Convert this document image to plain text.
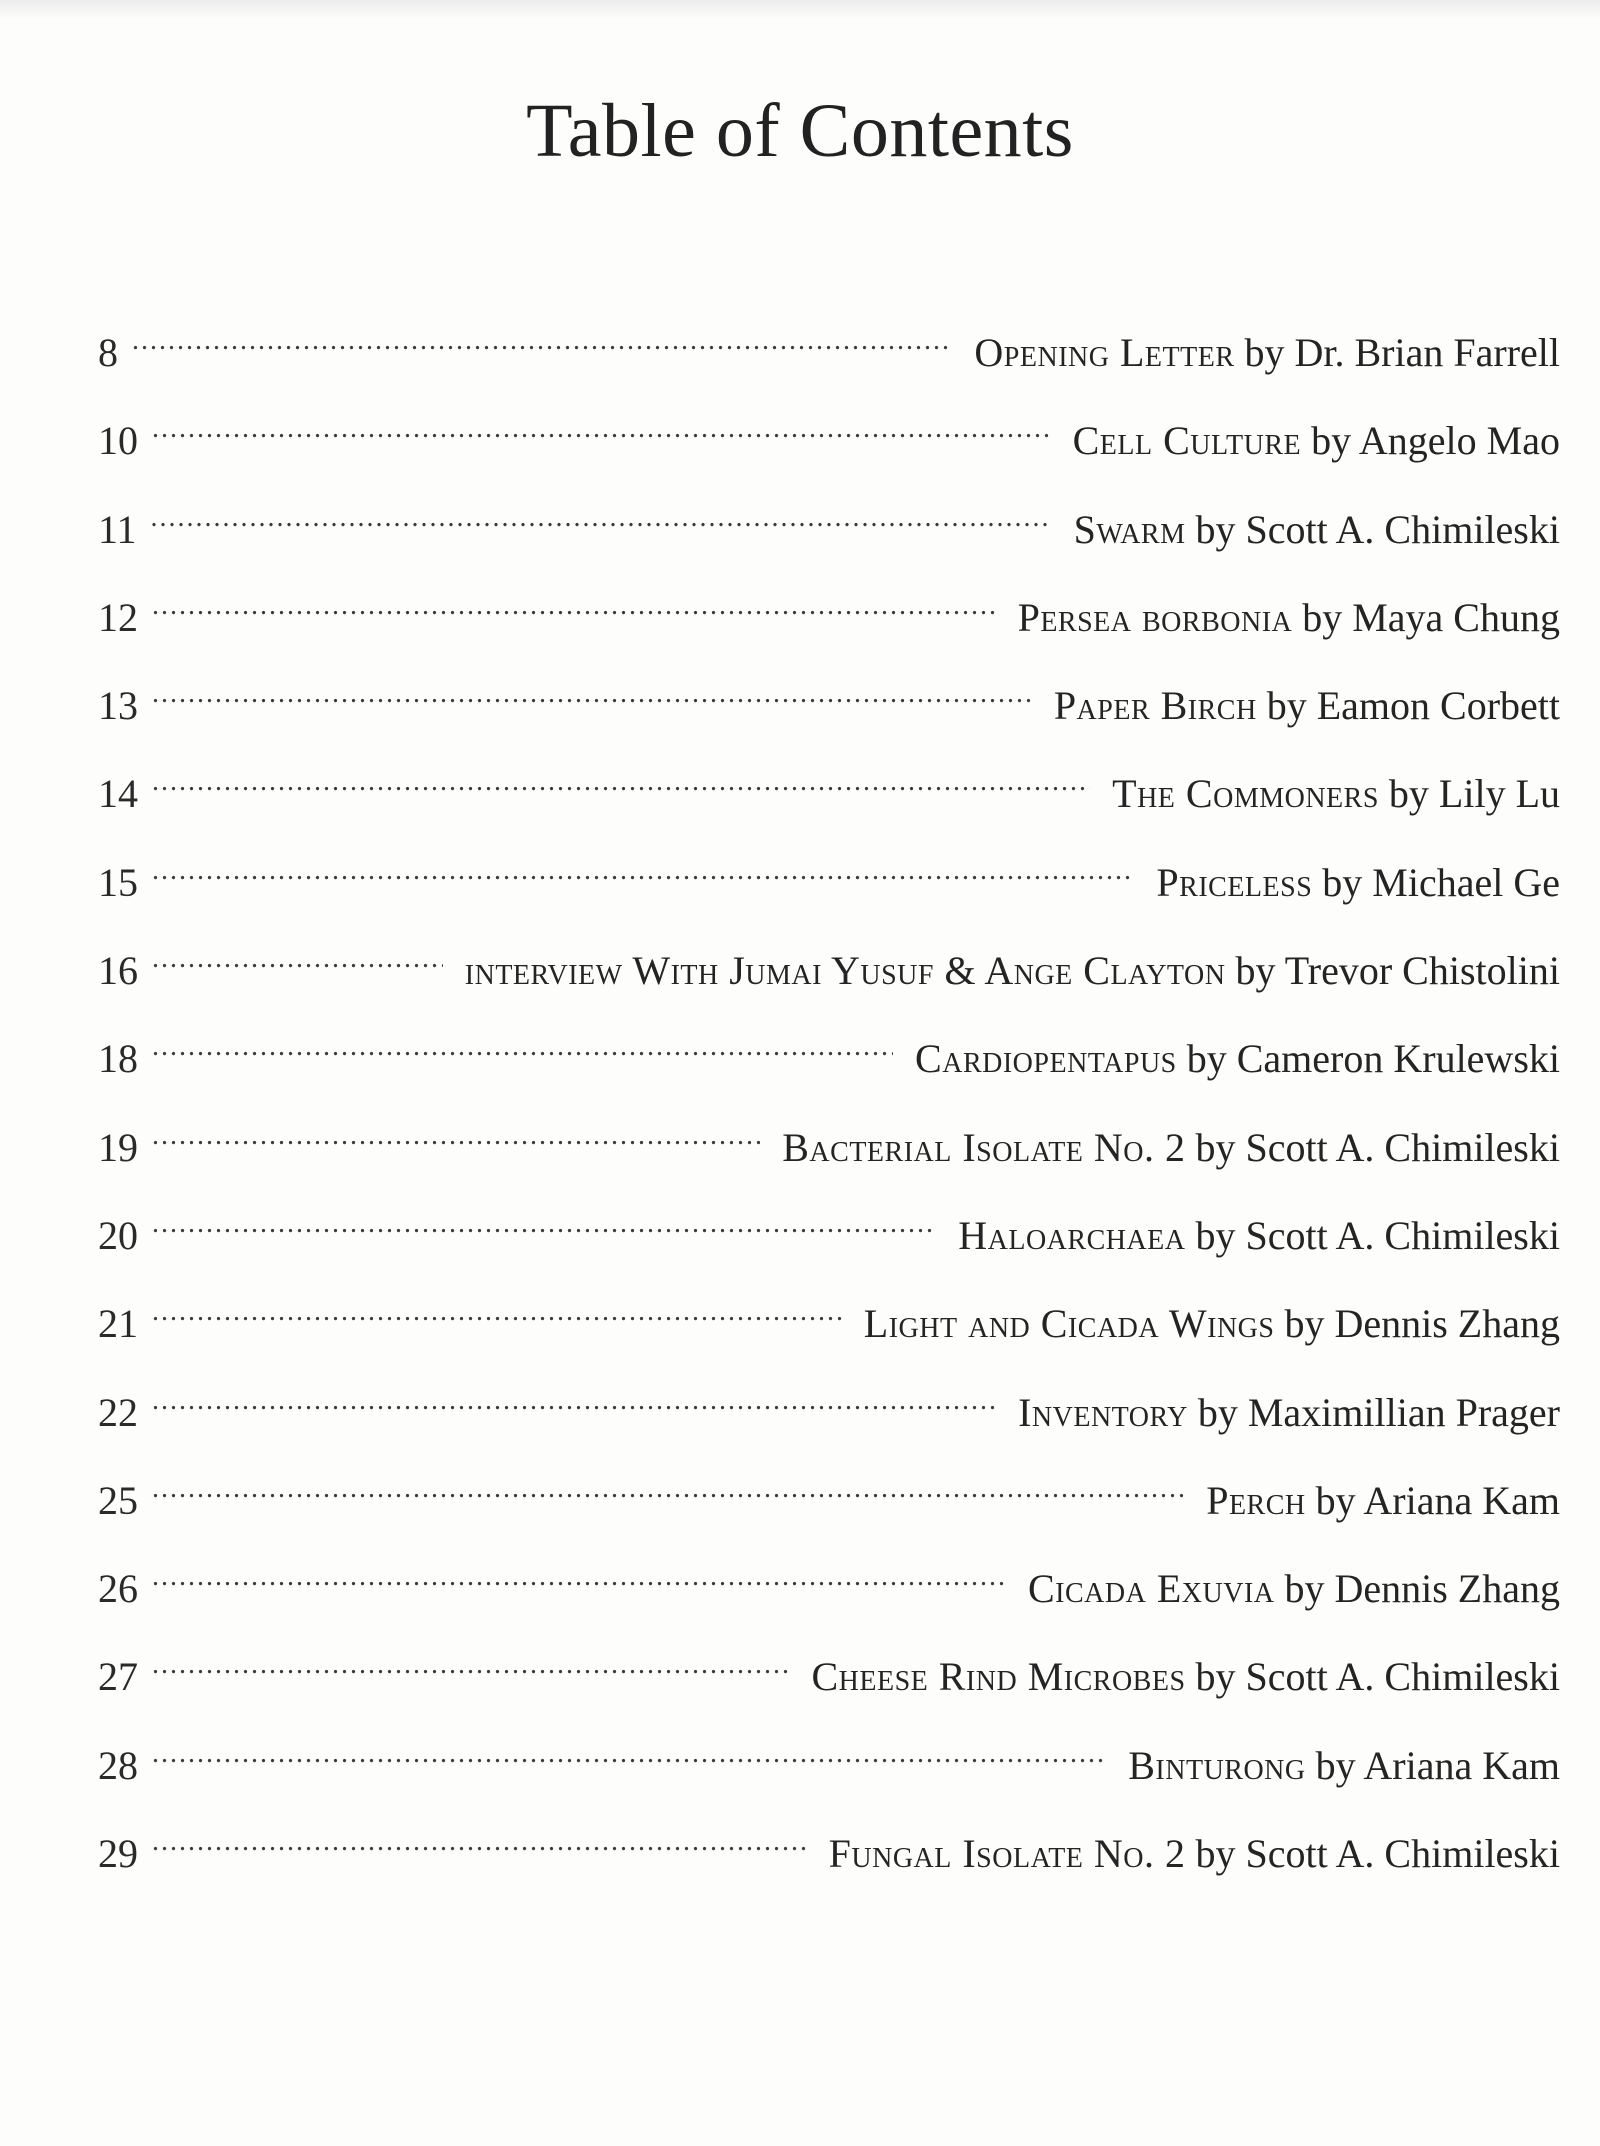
Table of Contents
8 .....	Opening Letter by Dr. Brian Farrell
10 .....	Cell Culture by Angelo Mao
11 .....	Swarm by Scott A. Chimileski
12 .....	Persea borbonia by Maya Chung
13 .....	Paper Birch by Eamon Corbett
14 .....	The Commoners by Lily Lu
15 .....	Priceless by Michael Ge
16 .....	interview With Jumai Yusuf & Ange Clayton by Trevor Chistolini
18 .....	Cardiopentapus by Cameron Krulewski
19 .....	Bacterial Isolate No. 2 by Scott A. Chimileski
20 .....	Haloarchaea by Scott A. Chimileski
21 .....	Light and Cicada Wings by Dennis Zhang
22 .....	Inventory by Maximillian Prager
25 .....	Perch by Ariana Kam
26 .....	Cicada Exuvia by Dennis Zhang
27 .....	Cheese Rind Microbes by Scott A. Chimileski
28 .....	Binturong by Ariana Kam
29 .....	Fungal Isolate No. 2 by Scott A. Chimileski
